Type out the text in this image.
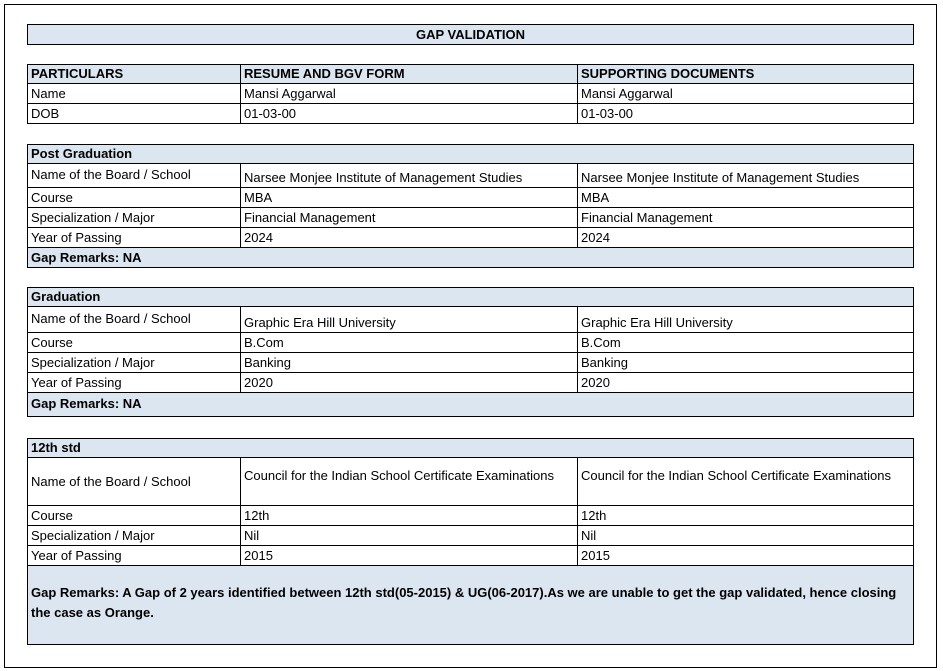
GAP VALIDATION
PARTICULARS	RESUME AND BGV FORM	SUPPORTING DOCUMENTS
Name	Mansi Aggarwal	Mansi Aggarwal
DOB	01-03-00	01-03-00
Post Graduation
Name of the Board / School	Narsee Monjee Institute of Management Studies	Narsee Monjee Institute of Management Studies
Course	MBA	MBA
Specialization / Major	Financial Management	Financial Management
Year of Passing	2024	2024
Gap Remarks: NA
Graduation
Name of the Board / School	Graphic Era Hill University	Graphic Era Hill University
Course	B.Com	B.Com
Specialization / Major	Banking	Banking
Year of Passing	2020	2020
Gap Remarks: NA
12th std
Name of the Board / School	Council for the Indian School Certificate Examinations	Council for the Indian School Certificate Examinations
Course	12th	12th
Specialization / Major	Nil	Nil
Year of Passing	2015	2015
Gap Remarks: A Gap of 2 years identified between 12th std(05-2015) & UG(06-2017).As we are unable to get the gap validated, hence closing the case as Orange.
